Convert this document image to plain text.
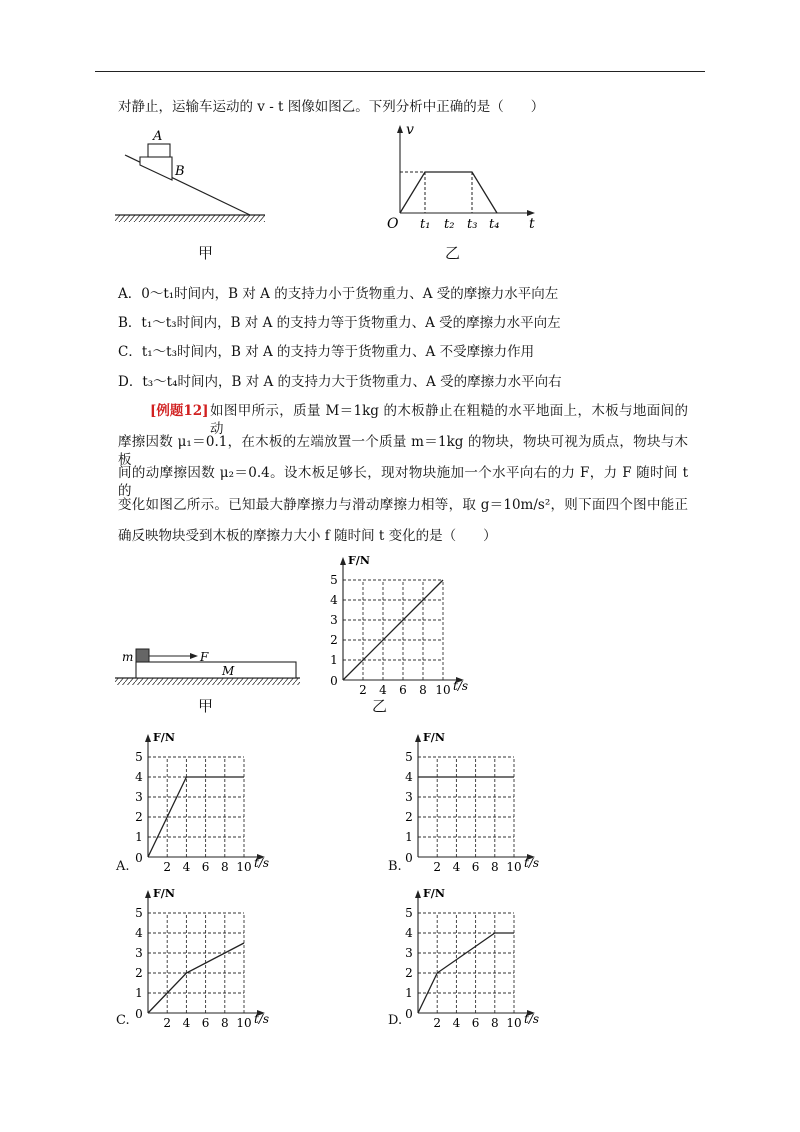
对静止，运输车运动的 v - t 图像如图乙。下列分析中正确的是（　　）
A
B
甲
v
O t₁ t₂ t₃ t₄ t
乙
A．0～t₁时间内，B 对 A 的支持力小于货物重力、A 受的摩擦力水平向左
B．t₁～t₃时间内，B 对 A 的支持力等于货物重力、A 受的摩擦力水平向左
C．t₁～t₃时间内，B 对 A 的支持力等于货物重力、A 不受摩擦力作用
D．t₃～t₄时间内，B 对 A 的支持力大于货物重力、A 受的摩擦力水平向右
[例题12] 如图甲所示，质量 M＝1kg 的木板静止在粗糙的水平地面上，木板与地面间的动
摩擦因数 μ₁＝0.1，在木板的左端放置一个质量 m＝1kg 的物块，物块可视为质点，物块与木板
间的动摩擦因数 μ₂＝0.4。设木板足够长，现对物块施加一个水平向右的力 F，力 F 随时间 t 的
变化如图乙所示。已知最大静摩擦力与滑动摩擦力相等，取 g＝10m/s²，则下面四个图中能正
确反映物块受到木板的摩擦力大小 f 随时间 t 变化的是（　　）
m	F
M
甲
2 4 6 8 10
1
2
3
4
5
0
F/N
t/s
乙
2 4 6 8 10
1
2
3
4
5
0
F/N
t/s
A.	2 4 6 8 10
1
2
3
4
5
0
F/N
t/s
B.
2 4 6 8 10
1
2
3
4
5
0
F/N
t/s
C.	2 4 6 8 10
1
2
3
4
5
0
F/N
t/s
D.
